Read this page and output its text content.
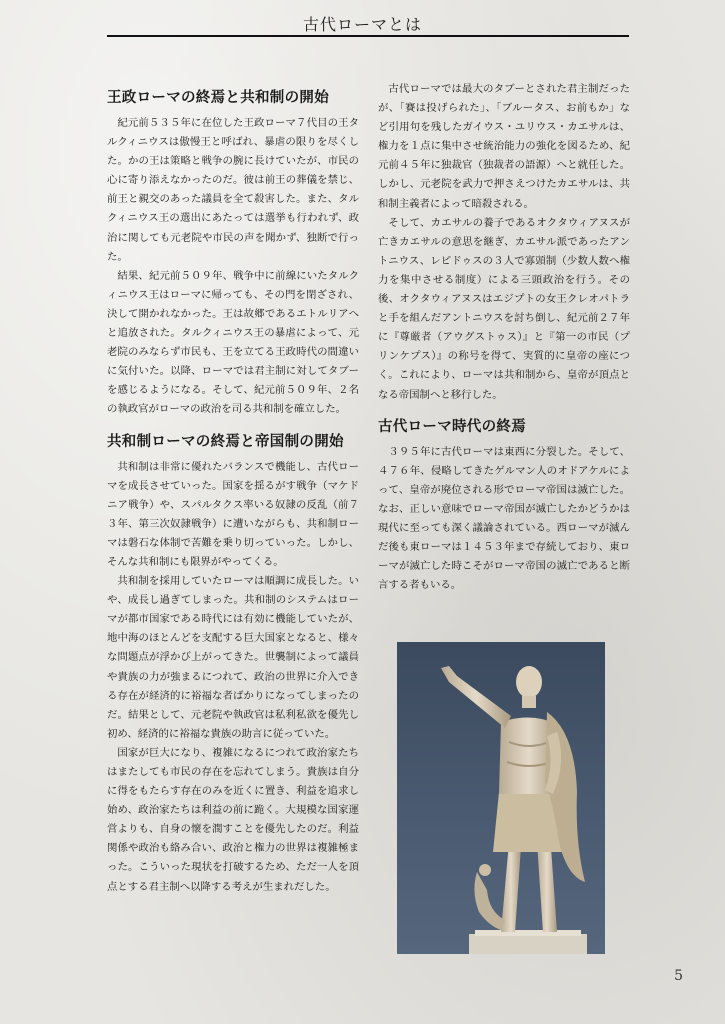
古代ローマとは
王政ローマの終焉と共和制の開始

紀元前５３５年に在位した王政ローマ７代目の王タルクィニウスは傲慢王と呼ばれ、暴虐の限りを尽くした。かの王は策略と戦争の腕に長けていたが、市民の心に寄り添えなかったのだ。彼は前王の葬儀を禁じ、前王と親交のあった議員を全て殺害した。また、タルクィニウス王の選出にあたっては選挙も行われず、政治に関しても元老院や市民の声を聞かず、独断で行った。

結果、紀元前５０９年、戦争中に前線にいたタルクィニウス王はローマに帰っても、その門を閉ざされ、決して開かれなかった。王は故郷であるエトルリアへと追放された。タルクィニウス王の暴虐によって、元老院のみならず市民も、王を立てる王政時代の間違いに気付いた。以降、ローマでは君主制に対してタブーを感じるようになる。そして、紀元前５０９年、２名の執政官がローマの政治を司る共和制を確立した。

共和制ローマの終焉と帝国制の開始

共和制は非常に優れたバランスで機能し、古代ローマを成長させていった。国家を揺るがす戦争（マケドニア戦争）や、スパルタクス率いる奴隷の反乱（前７３年、第三次奴隷戦争）に遭いながらも、共和制ローマは磐石な体制で苦難を乗り切っていった。しかし、そんな共和制にも限界がやってくる。

共和制を採用していたローマは順調に成長した。いや、成長し過ぎてしまった。共和制のシステムはローマが都市国家である時代には有効に機能していたが、地中海のほとんどを支配する巨大国家となると、様々な問題点が浮かび上がってきた。世襲制によって議員や貴族の力が強まるにつれて、政治の世界に介入できる存在が経済的に裕福な者ばかりになってしまったのだ。結果として、元老院や執政官は私利私欲を優先し初め、経済的に裕福な貴族の助言に従っていた。

国家が巨大になり、複雑になるにつれて政治家たちはまたしても市民の存在を忘れてしまう。貴族は自分に得をもたらす存在のみを近くに置き、利益を追求し始め、政治家たちは利益の前に跪く。大規模な国家運営よりも、自身の懐を潤すことを優先したのだ。利益関係や政治も絡み合い、政治と権力の世界は複雑極まった。こういった現状を打破するため、ただ一人を頂点とする君主制へ以降する考えが生まれだした。

古代ローマでは最大のタブーとされた君主制だったが、「賽は投げられた」、「ブルータス、お前もか」など引用句を残したガイウス・ユリウス・カエサルは、権力を１点に集中させ統治能力の強化を図るため、紀元前４５年に独裁官（独裁者の語源）へと就任した。しかし、元老院を武力で押さえつけたカエサルは、共和制主義者によって暗殺される。

そして、カエサルの養子であるオクタウィアヌスが亡きカエサルの意思を継ぎ、カエサル派であったアントニウス、レピドゥスの３人で寡頭制（少数人数へ権力を集中させる制度）による三頭政治を行う。その後、オクタウィアヌスはエジプトの女王クレオパトラと手を組んだアントニウスを討ち倒し、紀元前２７年に『尊厳者（アウグストゥス）』と『第一の市民（プリンケプス）』の称号を得て、実質的に皇帝の座につく。これにより、ローマは共和制から、皇帝が頂点となる帝国制へと移行した。

古代ローマ時代の終焉

３９５年に古代ローマは東西に分裂した。そして、４７６年、侵略してきたゲルマン人のオドアケルによって、皇帝が廃位される形でローマ帝国は滅亡した。なお、正しい意味でローマ帝国が滅亡したかどうかは現代に至っても深く議論されている。西ローマが滅んだ後も東ローマは１４５３年まで存続しており、東ローマが滅亡した時こそがローマ帝国の滅亡であると断言する者もいる。

5
